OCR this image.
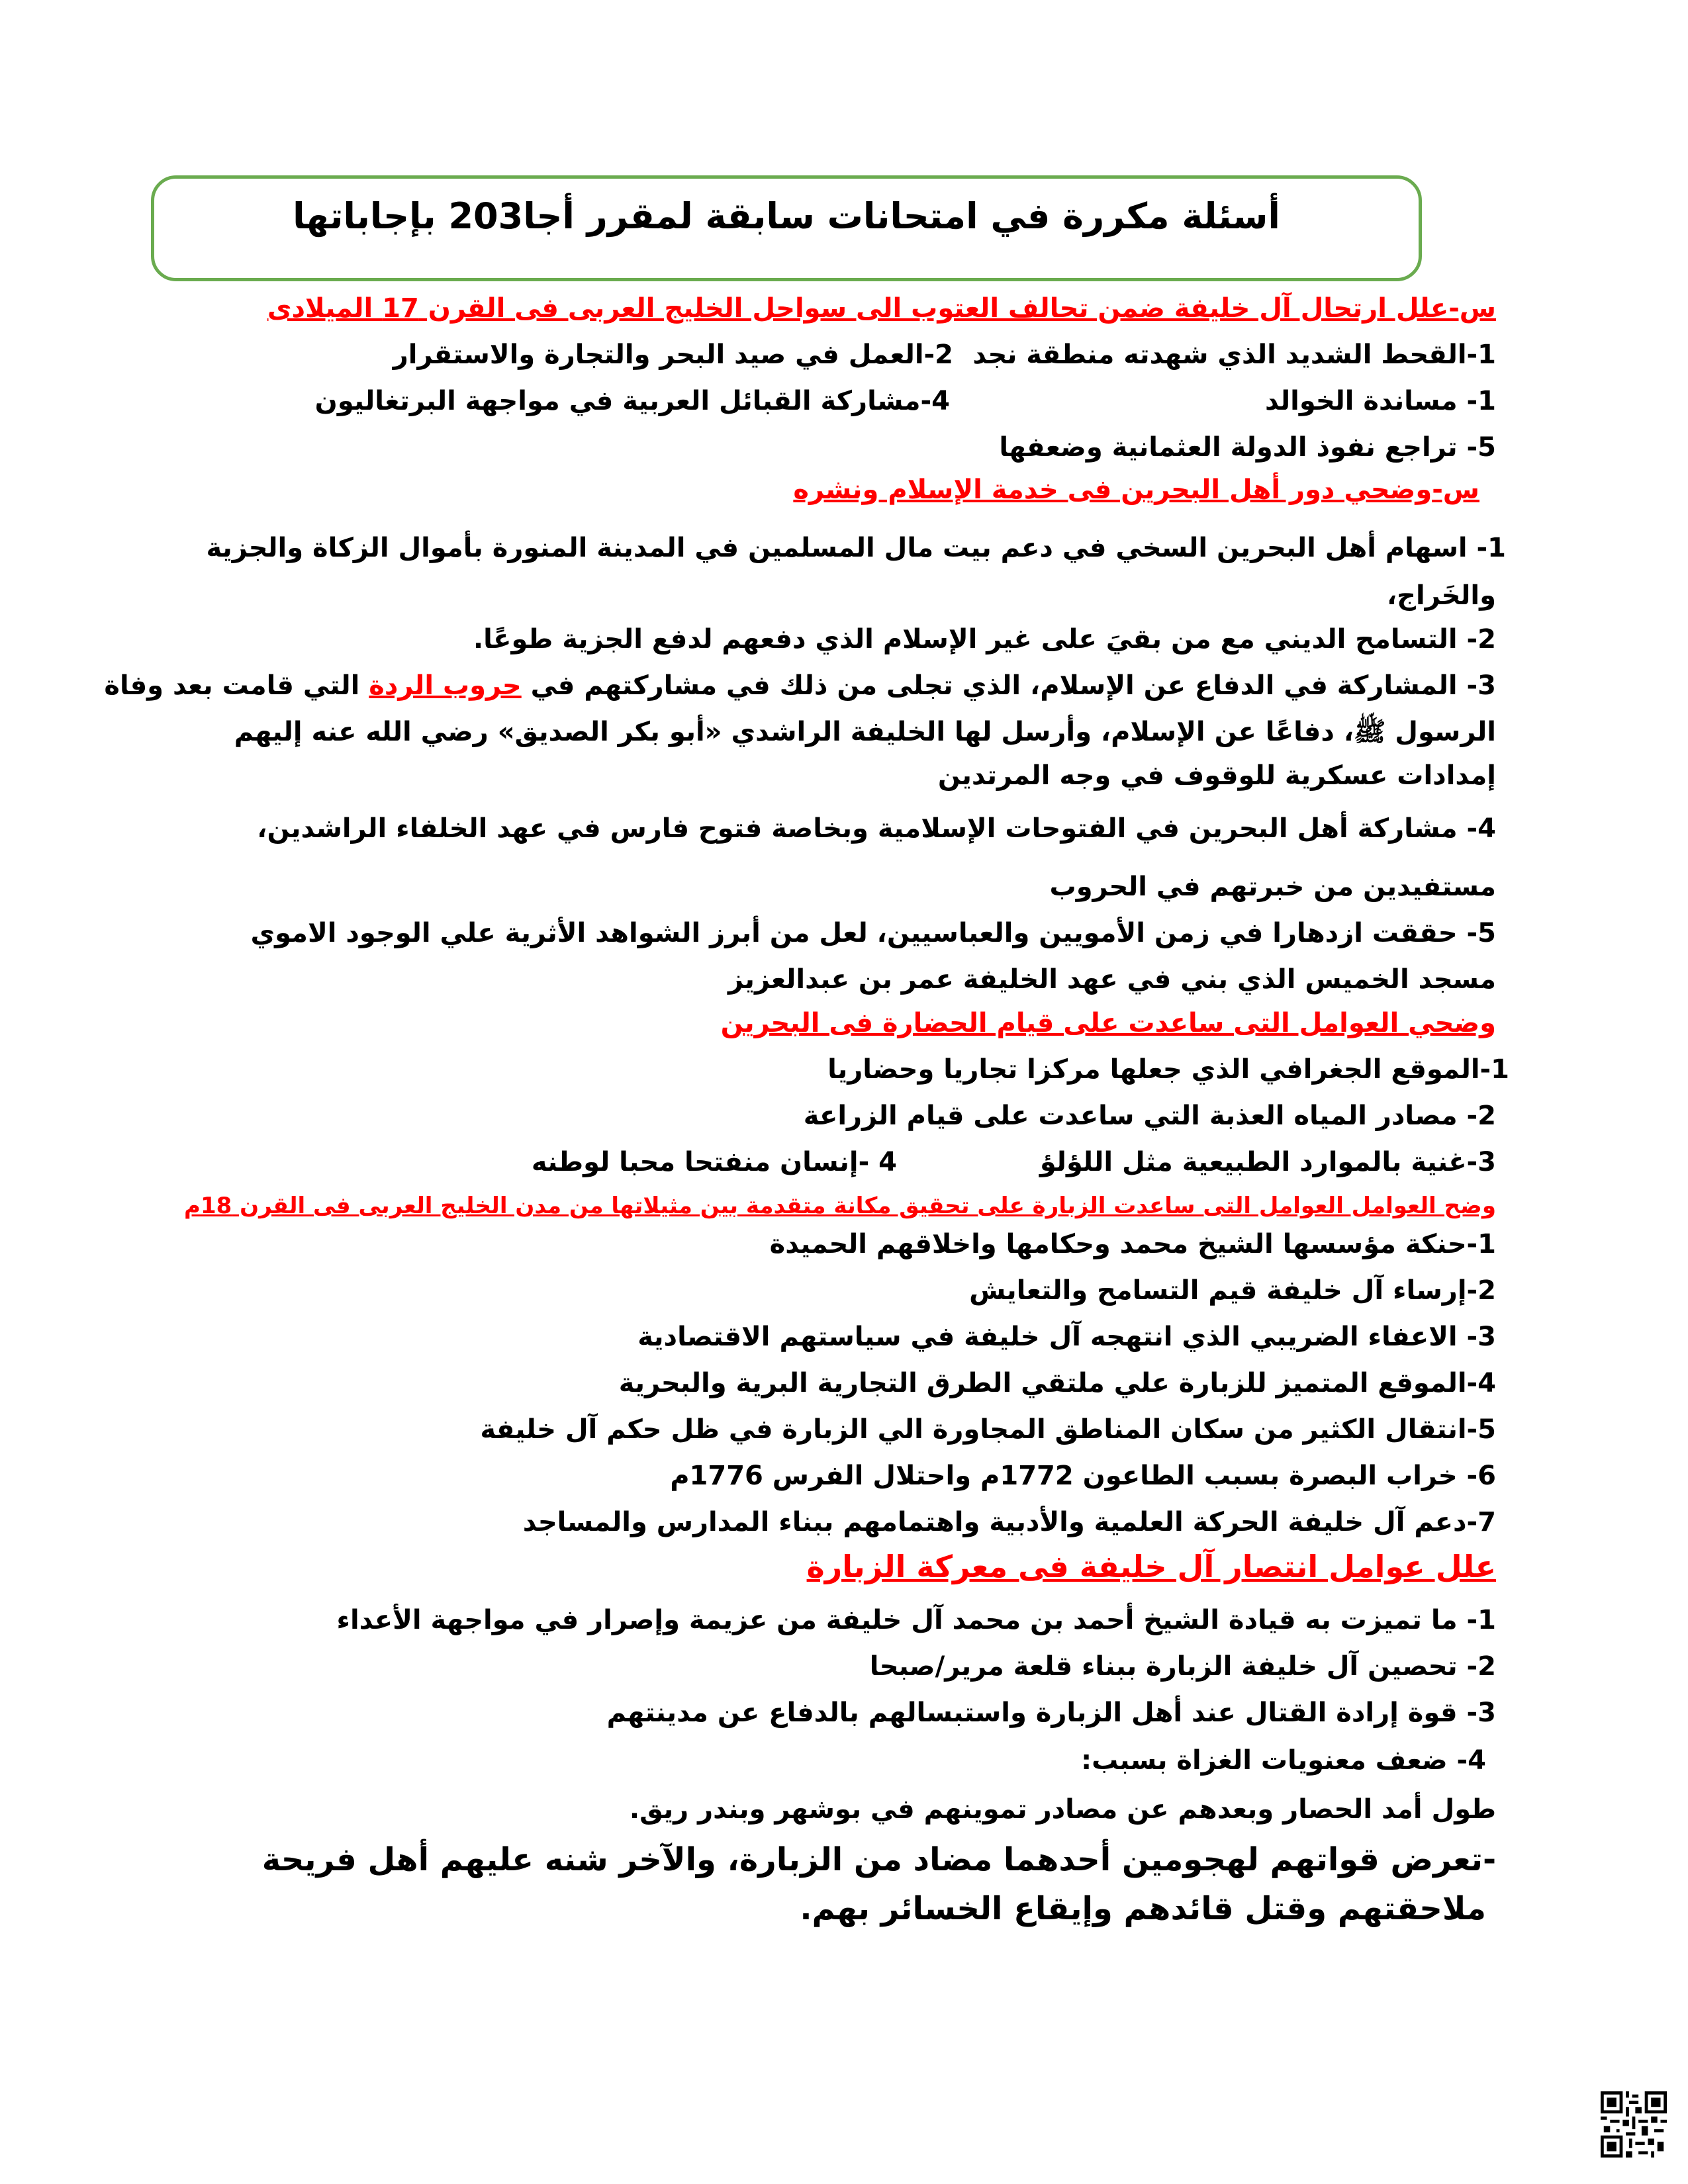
أسئلة مكررة في امتحانات سابقة لمقرر أجا203 بإجاباتها
س-علل ارتحال آل خليفة ضمن تحالف العتوب الى سواحل الخليج العربى فى القرن 17 الميلادى
1-القحط الشديد الذي شهدته منطقة نجد
2-العمل في صيد البحر والتجارة والاستقرار
1- مساندة الخوالد
4-مشاركة القبائل العربية في مواجهة البرتغاليون
5- تراجع نفوذ الدولة العثمانية وضعفها
س-وضحي دور أهل البحرين فى خدمة الإسلام ونشره
1- اسهام أهل البحرين السخي في دعم بيت مال المسلمين في المدينة المنورة بأموال الزكاة والجزية
والخَراج،
2- التسامح الديني مع من بقيَ على غير الإسلام الذي دفعهم لدفع الجزية طوعًا.
3- المشاركة في الدفاع عن الإسلام، الذي تجلى من ذلك في مشاركتهم في حروب الردة التي قامت بعد وفاة
الرسول ﷺ، دفاعًا عن الإسلام، وأرسل لها الخليفة الراشدي «أبو بكر الصديق» رضي الله عنه إليهم
إمدادات عسكرية للوقوف في وجه المرتدين
4- مشاركة أهل البحرين في الفتوحات الإسلامية وبخاصة فتوح فارس في عهد الخلفاء الراشدين،
مستفيدين من خبرتهم في الحروب
5- حققت ازدهارا في زمن الأمويين والعباسيين، لعل من أبرز الشواهد الأثرية علي الوجود الاموي
مسجد الخميس الذي بني في عهد الخليفة عمر بن عبدالعزيز
وضحي العوامل التى ساعدت على قيام الحضارة فى البحرين
1-الموقع الجغرافي الذي جعلها مركزا تجاريا وحضاريا
2- مصادر المياه العذبة التي ساعدت على قيام الزراعة
3-غنية بالموارد الطبيعية مثل اللؤلؤ
4 -إنسان منفتحا محبا لوطنه
وضح العوامل العوامل التى ساعدت الزبارة على تحقيق مكانة متقدمة بين مثيلاتها من مدن الخليج العربى فى القرن 18م
1-حنكة مؤسسها الشيخ محمد وحكامها واخلاقهم الحميدة
2-إرساء آل خليفة قيم التسامح والتعايش
3- الاعفاء الضريبي الذي انتهجه آل خليفة في سياستهم الاقتصادية
4-الموقع المتميز للزبارة علي ملتقي الطرق التجارية البرية والبحرية
5-انتقال الكثير من سكان المناطق المجاورة الي الزبارة في ظل حكم آل خليفة
6- خراب البصرة بسبب الطاعون 1772م واحتلال الفرس 1776م
7-دعم آل خليفة الحركة العلمية والأدبية واهتمامهم ببناء المدارس والمساجد
علل عوامل انتصار آل خليفة فى معركة الزبارة
1- ما تميزت به قيادة الشيخ أحمد بن محمد آل خليفة من عزيمة وإصرار في مواجهة الأعداء
2- تحصين آل خليفة الزبارة ببناء قلعة مرير/صبحا
3- قوة إرادة القتال عند أهل الزبارة واستبسالهم بالدفاع عن مدينتهم
4- ضعف معنويات الغزاة بسبب:
طول أمد الحصار وبعدهم عن مصادر تموينهم في بوشهر وبندر ريق.
-تعرض قواتهم لهجومين أحدهما مضاد من الزبارة، والآخر شنه عليهم أهل فريحة
ملاحقتهم وقتل قائدهم وإيقاع الخسائر بهم.
